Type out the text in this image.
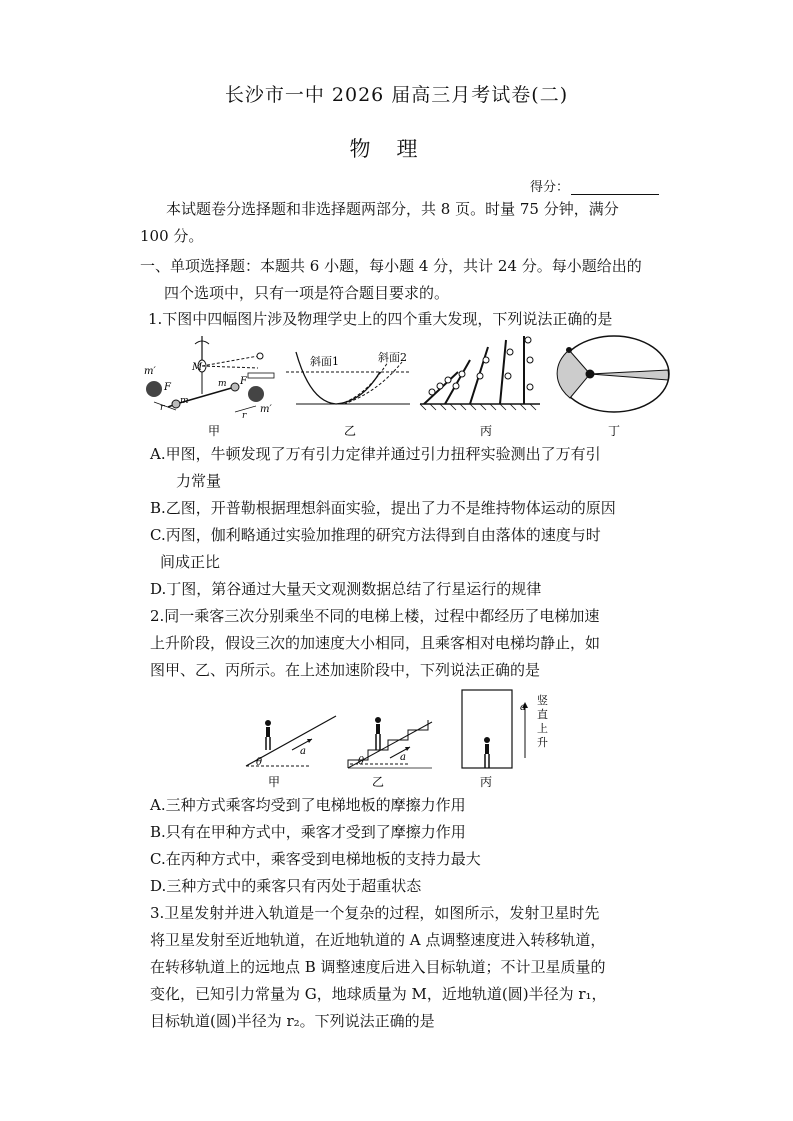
长沙市一中 2026 届高三月考试卷(二)
物理
得分：
本试题卷分选择题和非选择题两部分，共 8 页。时量 75 分钟，满分
100 分。
一、单项选择题：本题共 6 小题，每小题 4 分，共计 24 分。每小题给出的
四个选项中，只有一项是符合题目要求的。
1.下图中四幅图片涉及物理学史上的四个重大发现，下列说法正确的是
m′
F
m
M
m F
m′
r
r
斜面1	斜面2
甲	乙	丙	丁
A.甲图，牛顿发现了万有引力定律并通过引力扭秤实验测出了万有引
力常量
B.乙图，开普勒根据理想斜面实验，提出了力不是维持物体运动的原因
C.丙图，伽利略通过实验加推理的研究方法得到自由落体的速度与时
间成正比
D.丁图，第谷通过大量天文观测数据总结了行星运行的规律
2.同一乘客三次分别乘坐不同的电梯上楼，过程中都经历了电梯加速
上升阶段，假设三次的加速度大小相同，且乘客相对电梯均静止，如
图甲、乙、丙所示。在上述加速阶段中，下列说法正确的是
θ
a
θ	a
a
竖直上升
甲	乙	丙
A.三种方式乘客均受到了电梯地板的摩擦力作用
B.只有在甲种方式中，乘客才受到了摩擦力作用
C.在丙种方式中，乘客受到电梯地板的支持力最大
D.三种方式中的乘客只有丙处于超重状态
3.卫星发射并进入轨道是一个复杂的过程，如图所示，发射卫星时先
将卫星发射至近地轨道，在近地轨道的 A 点调整速度进入转移轨道，
在转移轨道上的远地点 B 调整速度后进入目标轨道；不计卫星质量的
变化，已知引力常量为 G，地球质量为 M，近地轨道(圆)半径为 r₁，
目标轨道(圆)半径为 r₂。下列说法正确的是
